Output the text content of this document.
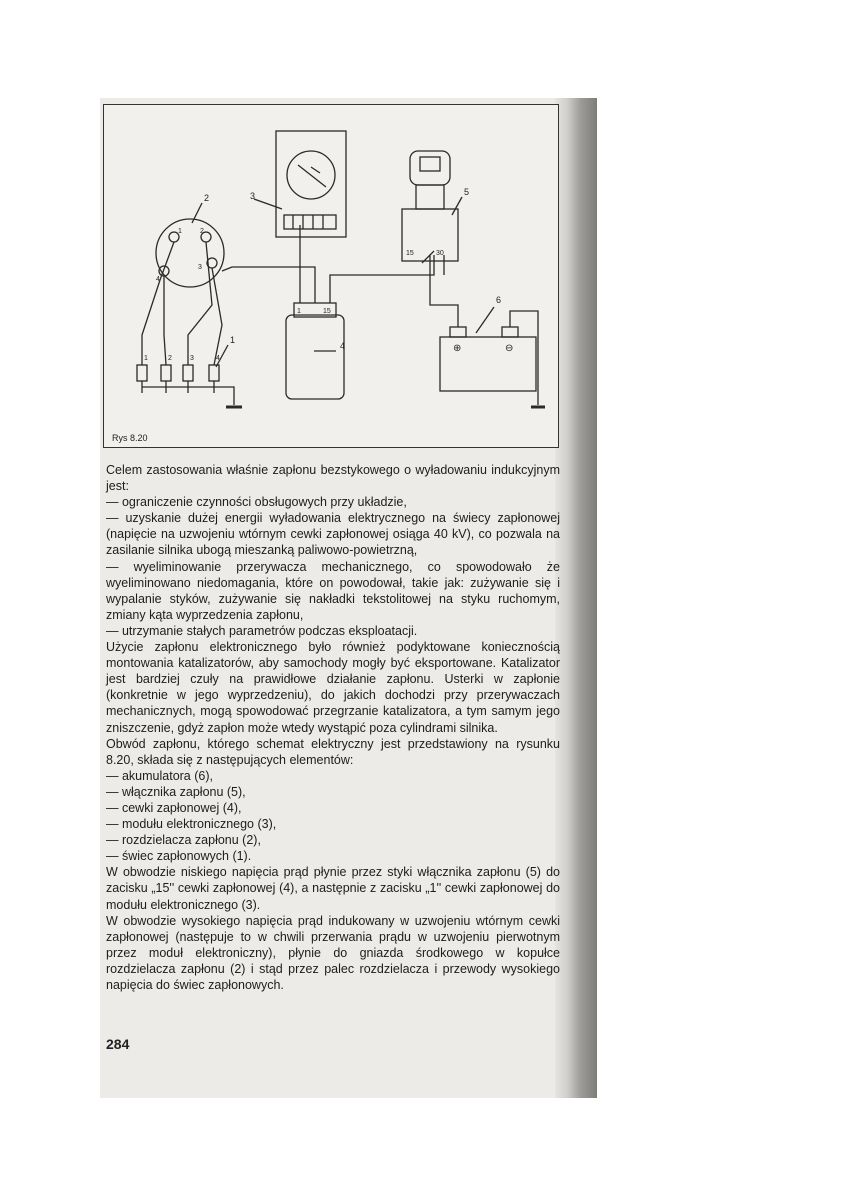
3
2
1
4
5
6
1	2
3
4
1	2	3	4
1	15
15	30
⊕	⊖
Rys 8.20

Celem zastosowania właśnie zapłonu bezstykowego o wyładowaniu indukcyjnym jest:

— ograniczenie czynności obsługowych przy układzie,

— uzyskanie dużej energii wyładowania elektrycznego na świecy zapłonowej (napięcie na uzwojeniu wtórnym cewki zapłonowej osiąga 40 kV), co pozwala na zasilanie silnika ubogą mieszanką paliwowo-powietrzną,

— wyeliminowanie przerywacza mechanicznego, co spowodowało że wyeliminowano niedomagania, które on powodował, takie jak: zużywanie się i wypalanie styków, zużywanie się nakładki tekstolitowej na styku ruchomym, zmiany kąta wyprzedzenia zapłonu,

— utrzymanie stałych parametrów podczas eksploatacji.

Użycie zapłonu elektronicznego było również podyktowane koniecznością montowania katalizatorów, aby samochody mogły być eksportowane. Katalizator jest bardziej czuły na prawidłowe działanie zapłonu. Usterki w zapłonie (konkretnie w jego wyprzedzeniu), do jakich dochodzi przy przerywaczach mechanicznych, mogą spowodować przegrzanie katalizatora, a tym samym jego zniszczenie, gdyż zapłon może wtedy wystąpić poza cylindrami silnika.

Obwód zapłonu, którego schemat elektryczny jest przedstawiony na rysunku 8.20, składa się z następujących elementów:

— akumulatora (6),

— włącznika zapłonu (5),

— cewki zapłonowej (4),

— modułu elektronicznego (3),

— rozdzielacza zapłonu (2),

— świec zapłonowych (1).

W obwodzie niskiego napięcia prąd płynie przez styki włącznika zapłonu (5) do zacisku „15'' cewki zapłonowej (4), a następnie z zacisku „1'' cewki zapłonowej do modułu elektronicznego (3).

W obwodzie wysokiego napięcia prąd indukowany w uzwojeniu wtórnym cewki zapłonowej (następuje to w chwili przerwania prądu w uzwojeniu pierwotnym przez moduł elektroniczny), płynie do gniazda środkowego w kopułce rozdzielacza zapłonu (2) i stąd przez palec rozdzielacza i przewody wysokiego napięcia do świec zapłonowych.

284
